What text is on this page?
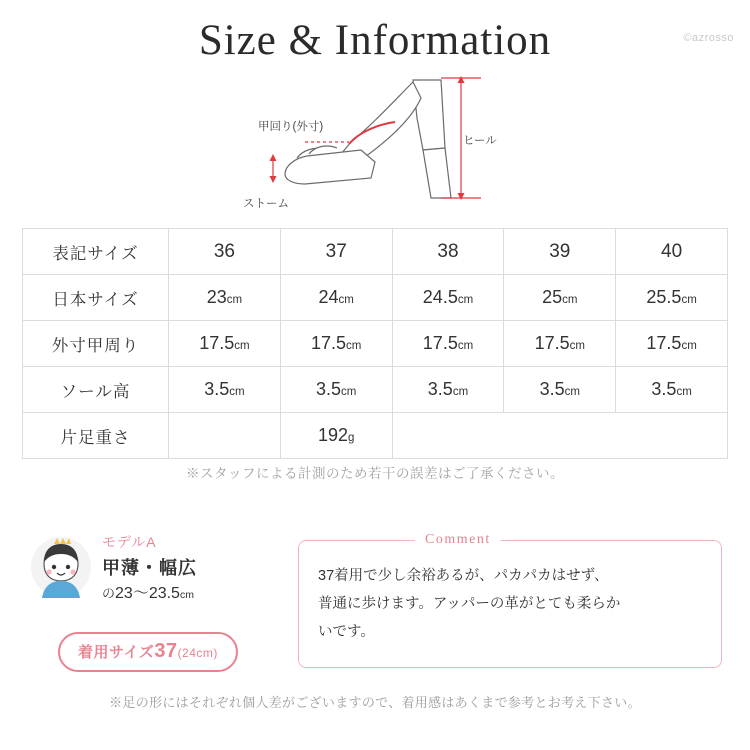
Size & Information	©azrosso
甲回り(外寸)
ヒール
ストーム
表記サイズ	36	37	38	39	40
日本サイズ	23cm	24cm	24.5cm	25cm	25.5cm
外寸甲周り	17.5cm	17.5cm	17.5cm	17.5cm	17.5cm
ソール高	3.5cm	3.5cm	3.5cm	3.5cm	3.5cm
片足重さ		192g			
※スタッフによる計測のため若干の誤差はご了承ください。
モデルA
甲薄・幅広
の23〜23.5cm
着用サイズ37(24cm)
Comment
37着用で少し余裕あるが、パカパカはせず、
普通に歩けます。アッパーの革がとても柔らか
いです。
※足の形にはそれぞれ個人差がございますので、着用感はあくまで参考とお考え下さい。
